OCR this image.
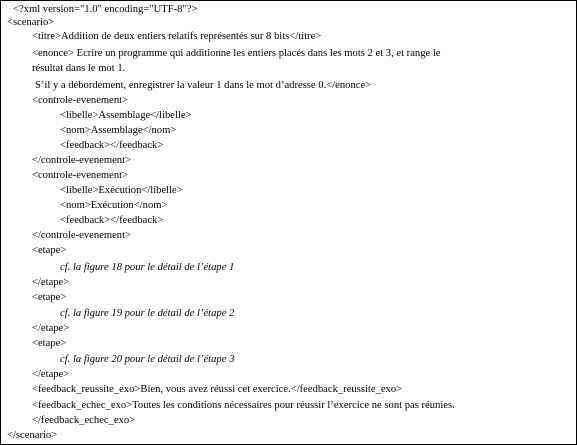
<?xml version="1.0" encoding="UTF-8"?>
<scenario>
<titre>Addition de deux entiers relatifs représentés sur 8 bits</titre>
<enonce> Ecrire un programme qui additionne les entiers placés dans les mots 2 et 3, et range le
résultat dans le mot 1.
S’il y a débordement, enregistrer la valeur 1 dans le mot d’adresse 0.</enonce>
<controle-evenement>
<libelle>Assemblage</libelle>
<nom>Assemblage</nom>
<feedback></feedback>
</controle-evenement>
<controle-evenement>
<libelle>Exécution</libelle>
<nom>Exécution</nom>
<feedback></feedback>
</controle-evenement>
<etape>
cf. la figure 18 pour le détail de l’étape 1
</etape>
<etape>
cf. la figure 19 pour le détail de l’étape 2
</etape>
<etape>
cf. la figure 20 pour le détail de l’étape 3
</etape>
<feedback_reussite_exo>Bien, vous avez réussi cet exercice.</feedback_reussite_exo>
<feedback_echec_exo>Toutes les conditions nécessaires pour réussir l’exercice ne sont pas réunies.
</feedback_echec_exo>
</scenario>
